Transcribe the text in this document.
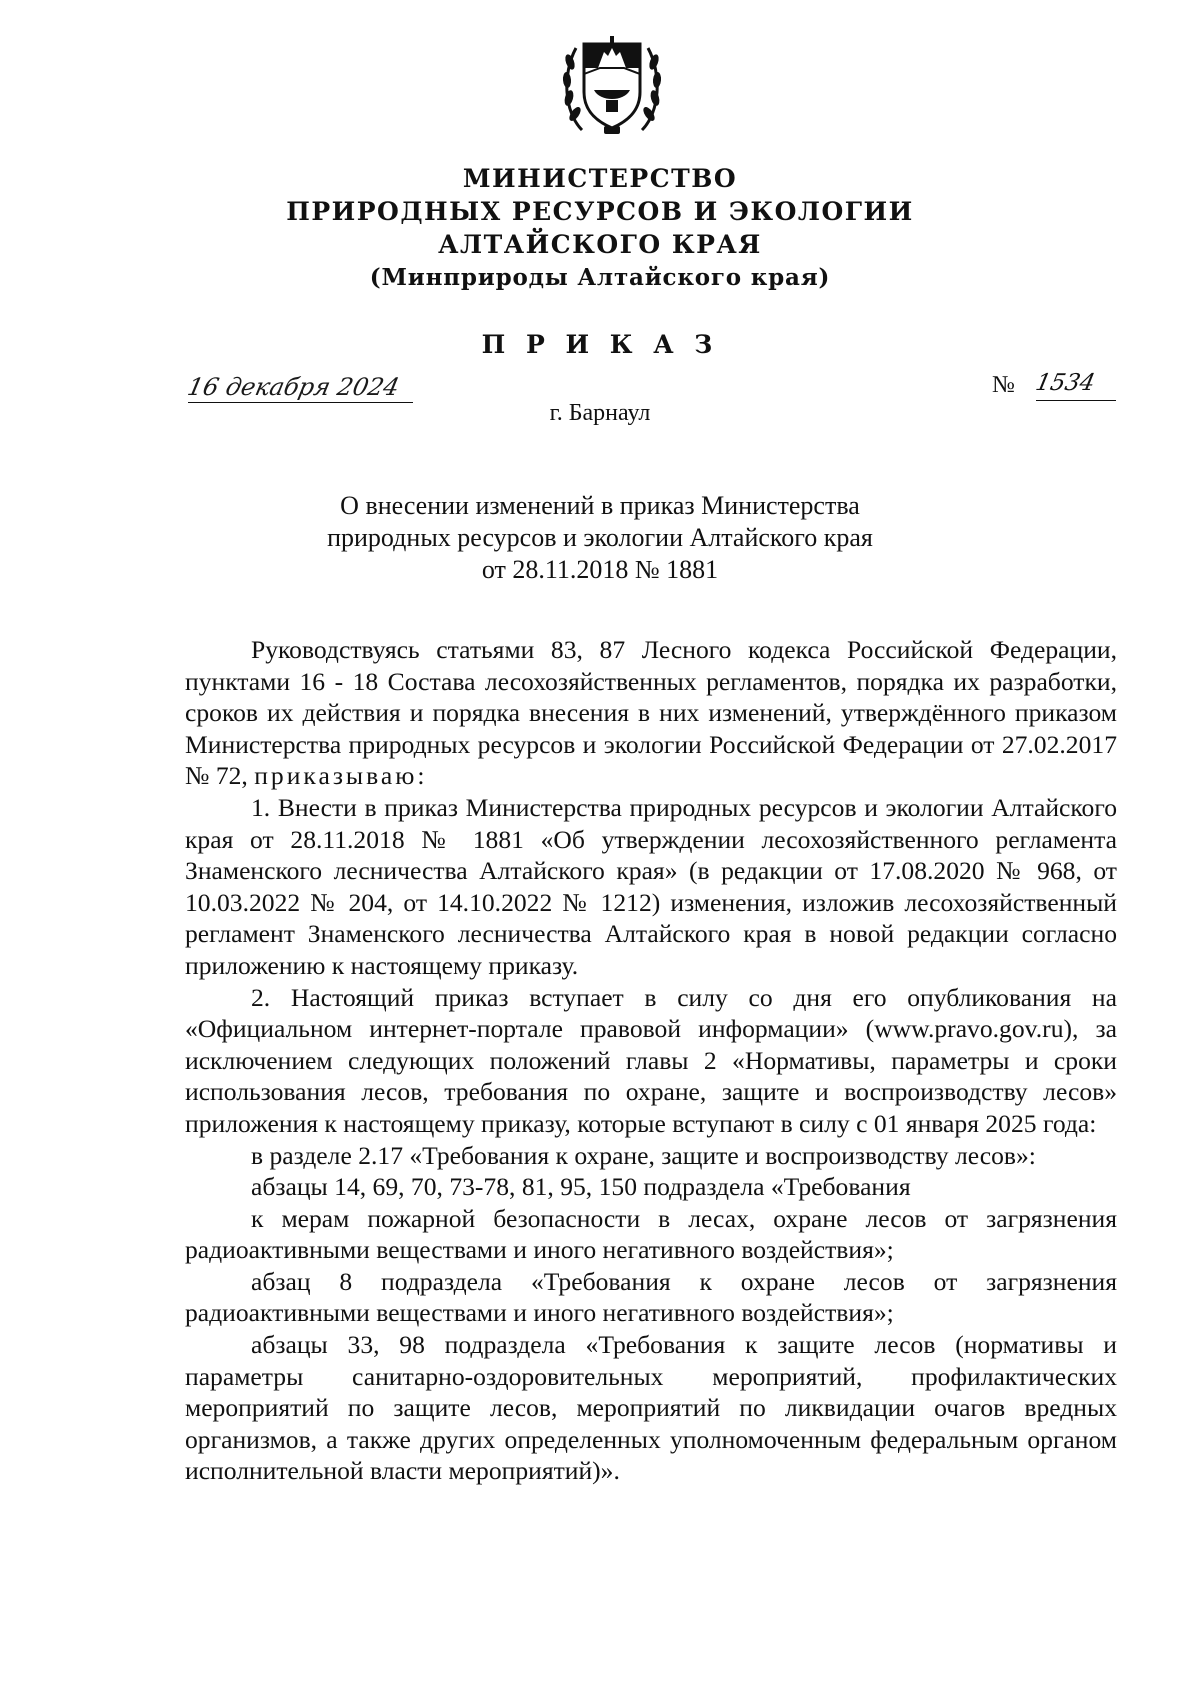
МИНИСТЕРСТВО
ПРИРОДНЫХ РЕСУРСОВ И ЭКОЛОГИИ
АЛТАЙСКОГО КРАЯ
(Минприроды Алтайского края)
П Р И К А З
16 декабря 2024	№ 1534
г. Барнаул
О внесении изменений в приказ Министерства
природных ресурсов и экологии Алтайского края
от 28.11.2018 № 1881

Руководствуясь статьями 83, 87 Лесного кодекса Российской Федерации, пунктами 16 - 18 Состава лесохозяйственных регламентов, порядка их разработки, сроков их действия и порядка внесения в них изменений, утверждённого приказом Министерства природных ресурсов и экологии Российской Федерации от 27.02.2017 № 72, приказываю:

1. Внести в приказ Министерства природных ресурсов и экологии Алтайского края от 28.11.2018 № 1881 «Об утверждении лесохозяйственного регламента Знаменского лесничества Алтайского края» (в редакции от 17.08.2020 № 968, от 10.03.2022 № 204, от 14.10.2022 № 1212) изменения, изложив лесохозяйственный регламент Знаменского лесничества Алтайского края в новой редакции согласно приложению к настоящему приказу.

2. Настоящий приказ вступает в силу со дня его опубликования на «Официальном интернет-портале правовой информации» (www.pravo.gov.ru), за исключением следующих положений главы 2 «Нормативы, параметры и сроки использования лесов, требования по охране, защите и воспроизводству лесов» приложения к настоящему приказу, которые вступают в силу с 01 января 2025 года:

в разделе 2.17 «Требования к охране, защите и воспроизводству лесов»:

абзацы 14, 69, 70, 73-78, 81, 95, 150 подраздела «Требования

к мерам пожарной безопасности в лесах, охране лесов от загрязнения радиоактивными веществами и иного негативного воздействия»;

абзац 8 подраздела «Требования к охране лесов от загрязнения радиоактивными веществами и иного негативного воздействия»;

абзацы 33, 98 подраздела «Требования к защите лесов (нормативы и параметры санитарно-оздоровительных мероприятий, профилактических мероприятий по защите лесов, мероприятий по ликвидации очагов вредных организмов, а также других определенных уполномоченным федеральным органом исполнительной власти мероприятий)».
